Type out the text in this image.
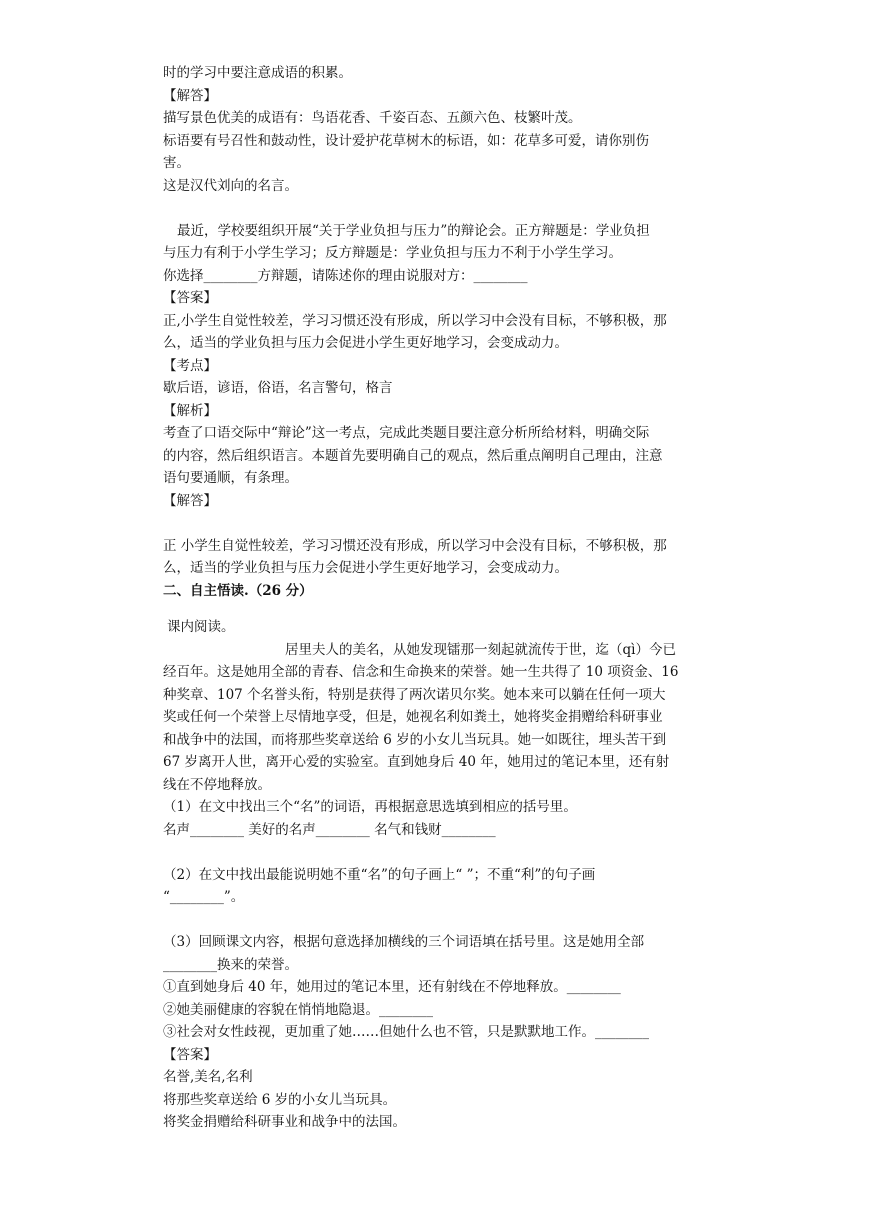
时的学习中要注意成语的积累。
【解答】
描写景色优美的成语有：鸟语花香、千姿百态、五颜六色、枝繁叶茂。
标语要有号召性和鼓动性，设计爱护花草树木的标语，如：花草多可爱，请你别伤
害。
这是汉代刘向的名言。
最近，学校要组织开展“关于学业负担与压力”的辩论会。正方辩题是：学业负担
与压力有利于小学生学习；反方辩题是：学业负担与压力不利于小学生学习。
你选择________方辩题，请陈述你的理由说服对方：________
【答案】
正,小学生自觉性较差，学习习惯还没有形成，所以学习中会没有目标，不够积极，那
么，适当的学业负担与压力会促进小学生更好地学习，会变成动力。
【考点】
歇后语，谚语，俗语，名言警句，格言
【解析】
考查了口语交际中“辩论”这一考点，完成此类题目要注意分析所给材料，明确交际
的内容，然后组织语言。本题首先要明确自己的观点，然后重点阐明自己理由，注意
语句要通顺，有条理。
【解答】
正 小学生自觉性较差，学习习惯还没有形成，所以学习中会没有目标，不够积极，那
么，适当的学业负担与压力会促进小学生更好地学习，会变成动力。
二、自主悟读.（26 分）
课内阅读。
居里夫人的美名，从她发现镭那一刻起就流传于世，迄（qì）今已
经百年。这是她用全部的青春、信念和生命换来的荣誉。她一生共得了 10 项资金、16
种奖章、107 个名誉头衔，特别是获得了两次诺贝尔奖。她本来可以躺在任何一项大
奖或任何一个荣誉上尽情地享受，但是，她视名利如粪土，她将奖金捐赠给科研事业
和战争中的法国，而将那些奖章送给 6 岁的小女儿当玩具。她一如既往，埋头苦干到
67 岁离开人世，离开心爱的实验室。直到她身后 40 年，她用过的笔记本里，还有射
线在不停地释放。
（1）在文中找出三个“名”的词语，再根据意思选填到相应的括号里。
名声________ 美好的名声________ 名气和钱财________
（2）在文中找出最能说明她不重“名”的句子画上“ ”；不重“利”的句子画
“________”。
（3）回顾课文内容，根据句意选择加横线的三个词语填在括号里。这是她用全部
________换来的荣誉。
①直到她身后 40 年，她用过的笔记本里，还有射线在不停地释放。________
②她美丽健康的容貌在悄悄地隐退。________
③社会对女性歧视，更加重了她……但她什么也不管，只是默默地工作。________
【答案】
名誉,美名,名利
将那些奖章送给 6 岁的小女儿当玩具。
将奖金捐赠给科研事业和战争中的法国。
